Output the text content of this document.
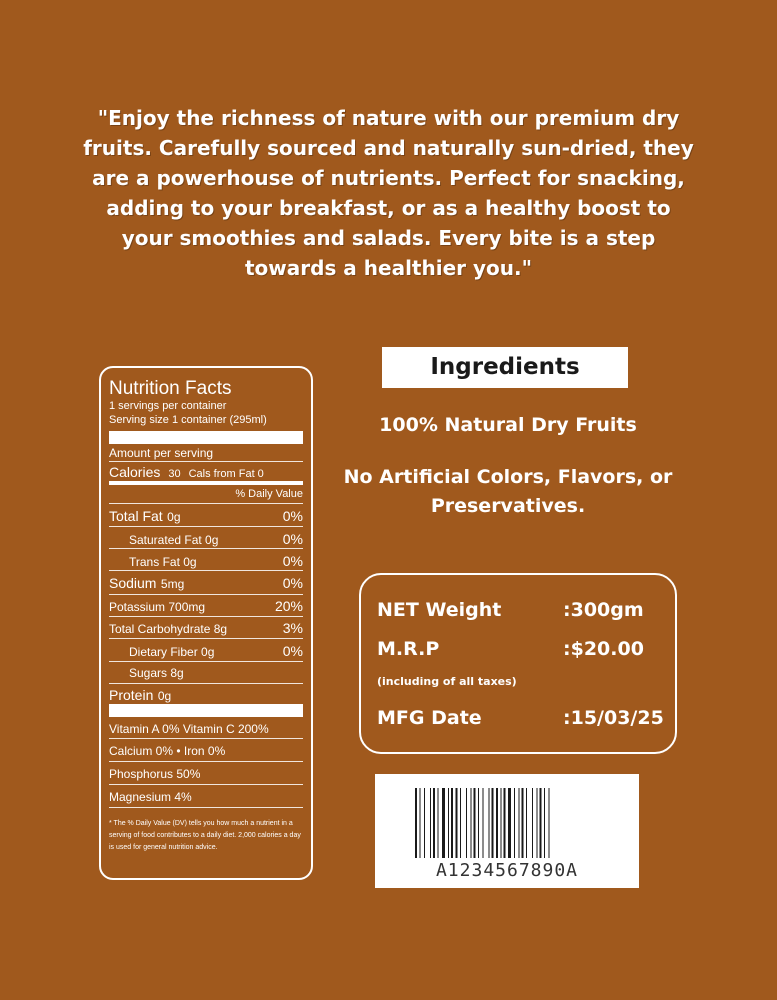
"Enjoy the richness of nature with our premium dry fruits. Carefully sourced and naturally sun-dried, they are a powerhouse of nutrients. Perfect for snacking, adding to your breakfast, or as a healthy boost to your smoothies and salads. Every bite is a step towards a healthier you."
Nutrition Facts
1 servings per container
Serving size 1 container (295ml)
Amount per serving
Calories 30 Cals from Fat 0
% Daily Value
Total Fat 0g	0%
Saturated Fat 0g	0%
Trans Fat 0g	0%
Sodium 5mg	0%
Potassium 700mg	20%
Total Carbohydrate 8g	3%
Dietary Fiber 0g	0%
Sugars 8g
Protein 0g
Vitamin A 0% Vitamin C 200%
Calcium 0% • Iron 0%
Phosphorus 50%
Magnesium 4%
* The % Daily Value (DV) tells you how much a nutrient in a serving of food contributes to a daily diet. 2,000 calories a day is used for general nutrition advice.
Ingredients
100% Natural Dry Fruits
No Artificial Colors, Flavors, or Preservatives.
NET Weight	:300gm
M.R.P	:$20.00
(including of all taxes)
MFG Date	:15/03/25
A1234567890A
